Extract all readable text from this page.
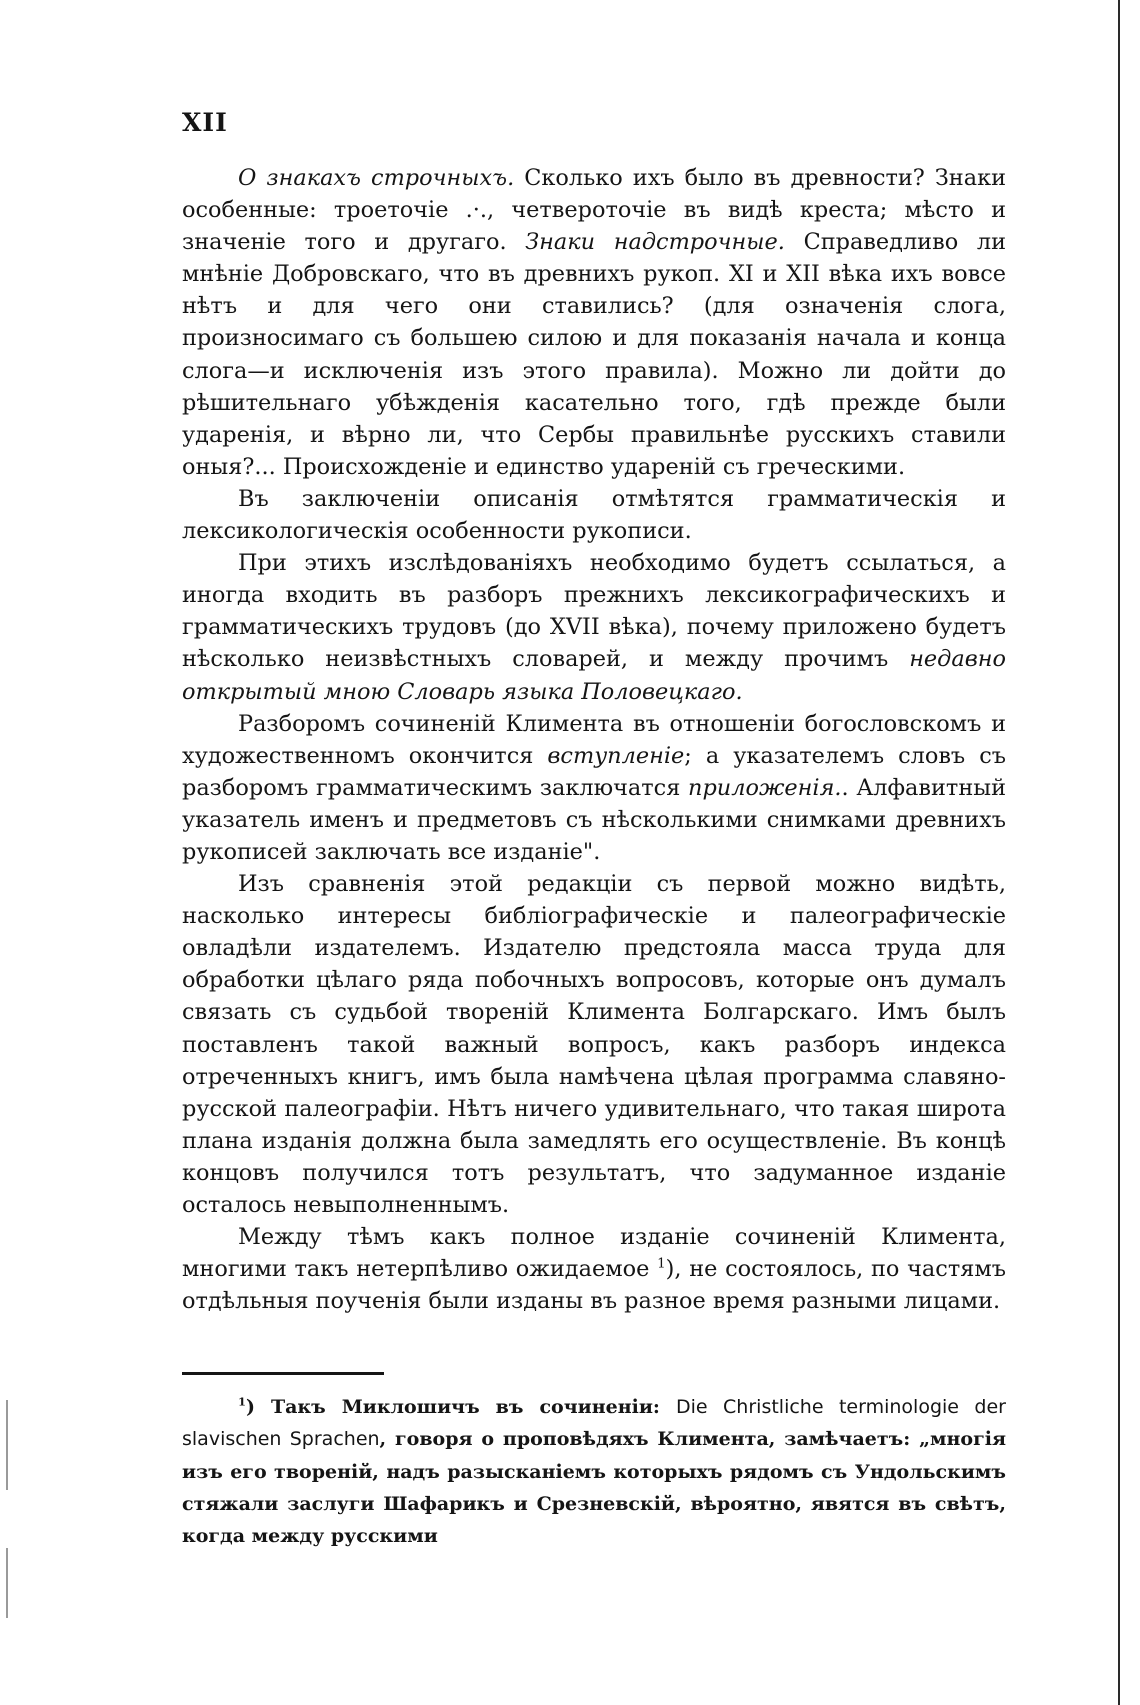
XII

О знакахъ строчныхъ. Сколько ихъ было въ древности? Знаки особенные: троеточіе .·., четвероточіе въ видѣ креста; мѣсто и значеніе того и другаго. Знаки надстрочные. Справедливо ли мнѣніе Добровскаго, что въ древнихъ рукоп. XI и XII вѣка ихъ вовсе нѣтъ и для чего они ставились? (для означенія слога, произносимаго съ большею силою и для показанія начала и конца слога—и исключенія изъ этого правила). Можно ли дойти до рѣшительнаго убѣжденія касательно того, гдѣ прежде были ударенія, и вѣрно ли, что Сербы правильнѣе русскихъ ставили оныя?... Происхожденіе и единство удареній съ греческими.

Въ заключеніи описанія отмѣтятся грамматическія и лексикологическія особенности рукописи.

При этихъ изслѣдованіяхъ необходимо будетъ ссылаться, а иногда входить въ разборъ прежнихъ лексикографическихъ и грамматическихъ трудовъ (до XVII вѣка), почему приложено будетъ нѣсколько неизвѣстныхъ словарей, и между прочимъ недавно открытый мною Словарь языка Половецкаго.

Разборомъ сочиненій Климента въ отношеніи богословскомъ и художественномъ окончится вступленіе; а указателемъ словъ съ разборомъ грамматическимъ заключатся приложенія.. Алфавитный указатель именъ и предметовъ съ нѣсколькими снимками древнихъ рукописей заключать все изданіе".

Изъ сравненія этой редакціи съ первой можно видѣть, насколько интересы библіографическіе и палеографическіе овладѣли издателемъ. Издателю предстояла масса труда для обработки цѣлаго ряда побочныхъ вопросовъ, которые онъ думалъ связать съ судьбой твореній Климента Болгарскаго. Имъ былъ поставленъ такой важный вопросъ, какъ разборъ индекса отреченныхъ книгъ, имъ была намѣчена цѣлая программа славяно-русской палеографіи. Нѣтъ ничего удивительнаго, что такая широта плана изданія должна была замедлять его осуществленіе. Въ концѣ концовъ получился тотъ результатъ, что задуманное изданіе осталось невыполненнымъ.

Между тѣмъ какъ полное изданіе сочиненій Климента, многими такъ нетерпѣливо ожидаемое $^1$), не состоялось, по частямъ отдѣльныя поученія были изданы въ разное время разными лицами.

$^1$) Такъ Миклошичъ въ сочиненіи: Die Christliche terminologie der slavischen Sprachen, говоря о проповѣдяхъ Климента, замѣчаетъ: „многія изъ его твореній, надъ разысканіемъ которыхъ рядомъ съ Ундольскимъ стяжали заслуги Шафарикъ и Срезневскій, вѣроятно, явятся въ свѣтъ, когда между русскими
